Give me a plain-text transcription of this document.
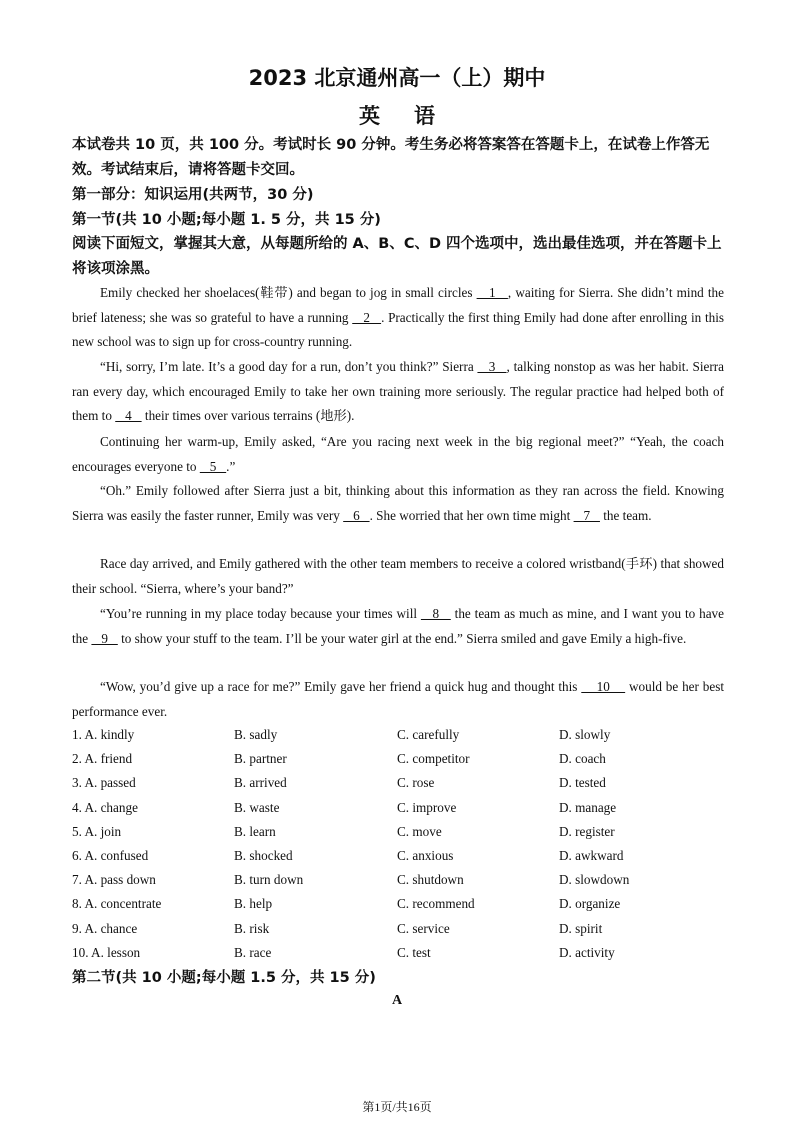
2023 北京通州高一（上）期中
英语

本试卷共 10 页，共 100 分。考试时长 90 分钟。考生务必将答案答在答题卡上，在试卷上作答无效。考试结束后，请将答题卡交回。

第一部分：知识运用(共两节，30 分)

第一节(共 10 小题;每小题 1. 5 分，共 15 分)

阅读下面短文，掌握其大意，从每题所给的 A、B、C、D 四个选项中，选出最佳选项，并在答题卡上将该项涂黑。

Emily checked her shoelaces(鞋带) and began to jog in small circles    1   , waiting for Sierra. She didn’t mind the brief lateness; she was so grateful to have a running    2   . Practically the first thing Emily had done after enrolling in this new school was to sign up for cross-country running.

“Hi, sorry, I’m late. It’s a good day for a run, don’t you think?” Sierra    3   , talking nonstop as was her habit. Sierra ran every day, which encouraged Emily to take her own training more seriously. The regular practice had helped both of them to    4    their times over various terrains (地形).

Continuing her warm-up, Emily asked, “Are you racing next week in the big regional meet?” “Yeah, the coach encourages everyone to    5   .”

“Oh.” Emily followed after Sierra just a bit, thinking about this information as they ran across the field. Knowing Sierra was easily the faster runner, Emily was very    6   . She worried that her own time might    7    the team.

Race day arrived, and Emily gathered with the other team members to receive a colored wristband(手环) that showed their school. “Sierra, where’s your band?”

“You’re running in my place today because your times will    8    the team as much as mine, and I want you to have the    9    to show your stuff to the team. I’ll be your water girl at the end.” Sierra smiled and gave Emily a high-five.

“Wow, you’d give up a race for me?” Emily gave her friend a quick hug and thought this     10     would be her best performance ever.

1. A. kindly	B. sadly	C. carefully	D. slowly
2. A. friend	B. partner	C. competitor	D. coach
3. A. passed	B. arrived	C. rose	D. tested
4. A. change	B. waste	C. improve	D. manage
5. A. join	B. learn	C. move	D. register
6. A. confused	B. shocked	C. anxious	D. awkward
7. A. pass down	B. turn down	C. shutdown	D. slowdown
8. A. concentrate	B. help	C. recommend	D. organize
9. A. chance	B. risk	C. service	D. spirit
10. A. lesson	B. race	C. test	D. activity

第二节(共 10 小题;每小题 1.5 分，共 15 分)

A
第1页/共16页
